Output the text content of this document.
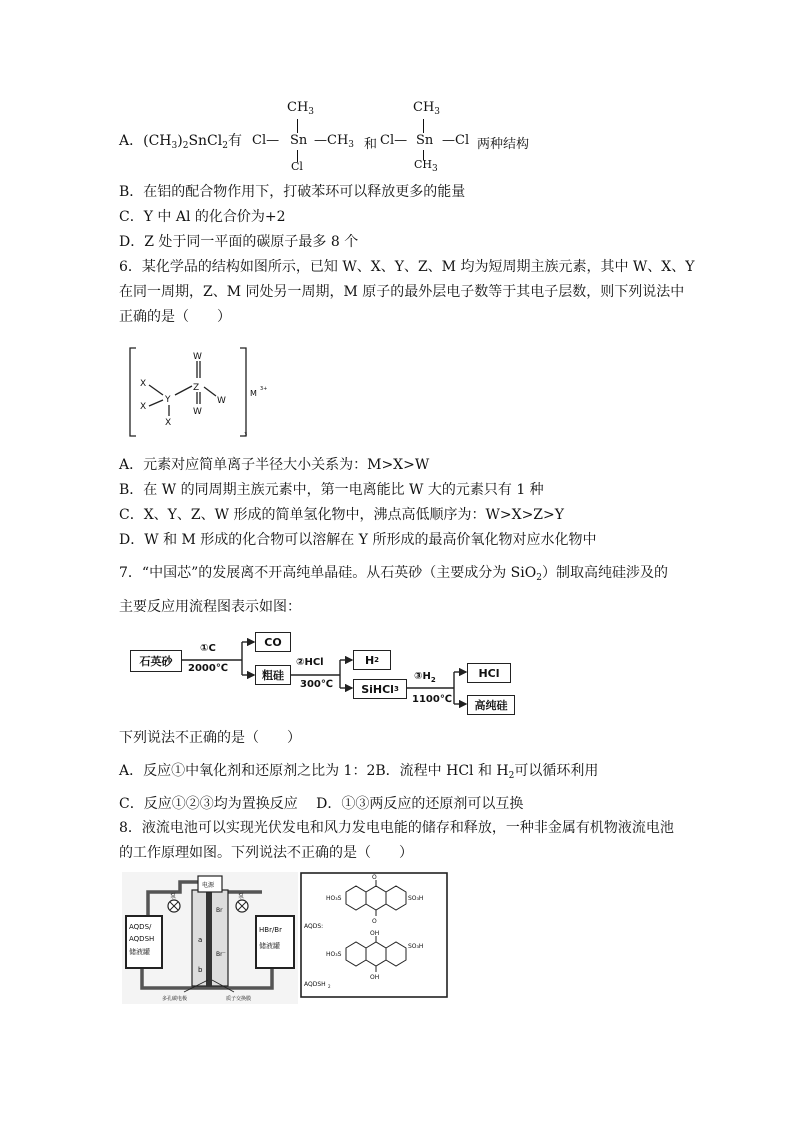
A．$(CH_3)_2SnCl_2$有
$CH_3$
Cl— Sn $—CH_3$
Cl
和
$CH_3$
Cl— Sn —Cl
$CH_3$
两种结构
B．在铝的配合物作用下，打破苯环可以释放更多的能量
C．Y 中 Al 的化合价为+2
D．Z 处于同一平面的碳原子最多 8 个
6．某化学品的结构如图所示，已知 W、X、Y、Z、M 均为短周期主族元素，其中 W、X、Y
在同一周期，Z、M 同处另一周期，M 原子的最外层电子数等于其电子层数，则下列说法中
正确的是（　　）
W
Z
W
W
Y
X
X
X
M 3+
3
A．元素对应简单离子半径大小关系为：M>X>W
B．在 W 的同周期主族元素中，第一电离能比 W 大的元素只有 1 种
C．X、Y、Z、W 形成的简单氢化物中，沸点高低顺序为：W>X>Z>Y
D．W 和 M 形成的化合物可以溶解在 Y 所形成的最高价氧化物对应水化物中
7．“中国芯”的发展离不开高纯单晶硅。从石英砂（主要成分为 SiO$_2$）制取高纯硅涉及的
主要反应用流程图表示如图：
石英砂
①C
2000℃
CO
粗硅
②HCl
300℃
H 2
SiHCl 3
$③H_2$
1100℃
HCl
高纯硅
下列说法不正确的是（　　）
A．反应①中氧化剂和还原剂之比为 1：2B．流程中 HCl 和 $H_2$可以循环利用
C．反应①②③均为置换反应　 D．①③两反应的还原剂可以互换
8．液流电池可以实现光伏发电和风力发电电能的储存和释放，一种非金属有机物液流电池
的工作原理如图。下列说法不正确的是（　　）
泵	泵
电源
AQDS/
AQDSH
储液罐
HBr/Br
储液罐
Br
Br⁻
a
b
多孔碳电极	质子交换膜
O
O
HO₃S	SO₃H
AQDS:
OH
OH
HO₃S
SO₃H
AQDSH 2
